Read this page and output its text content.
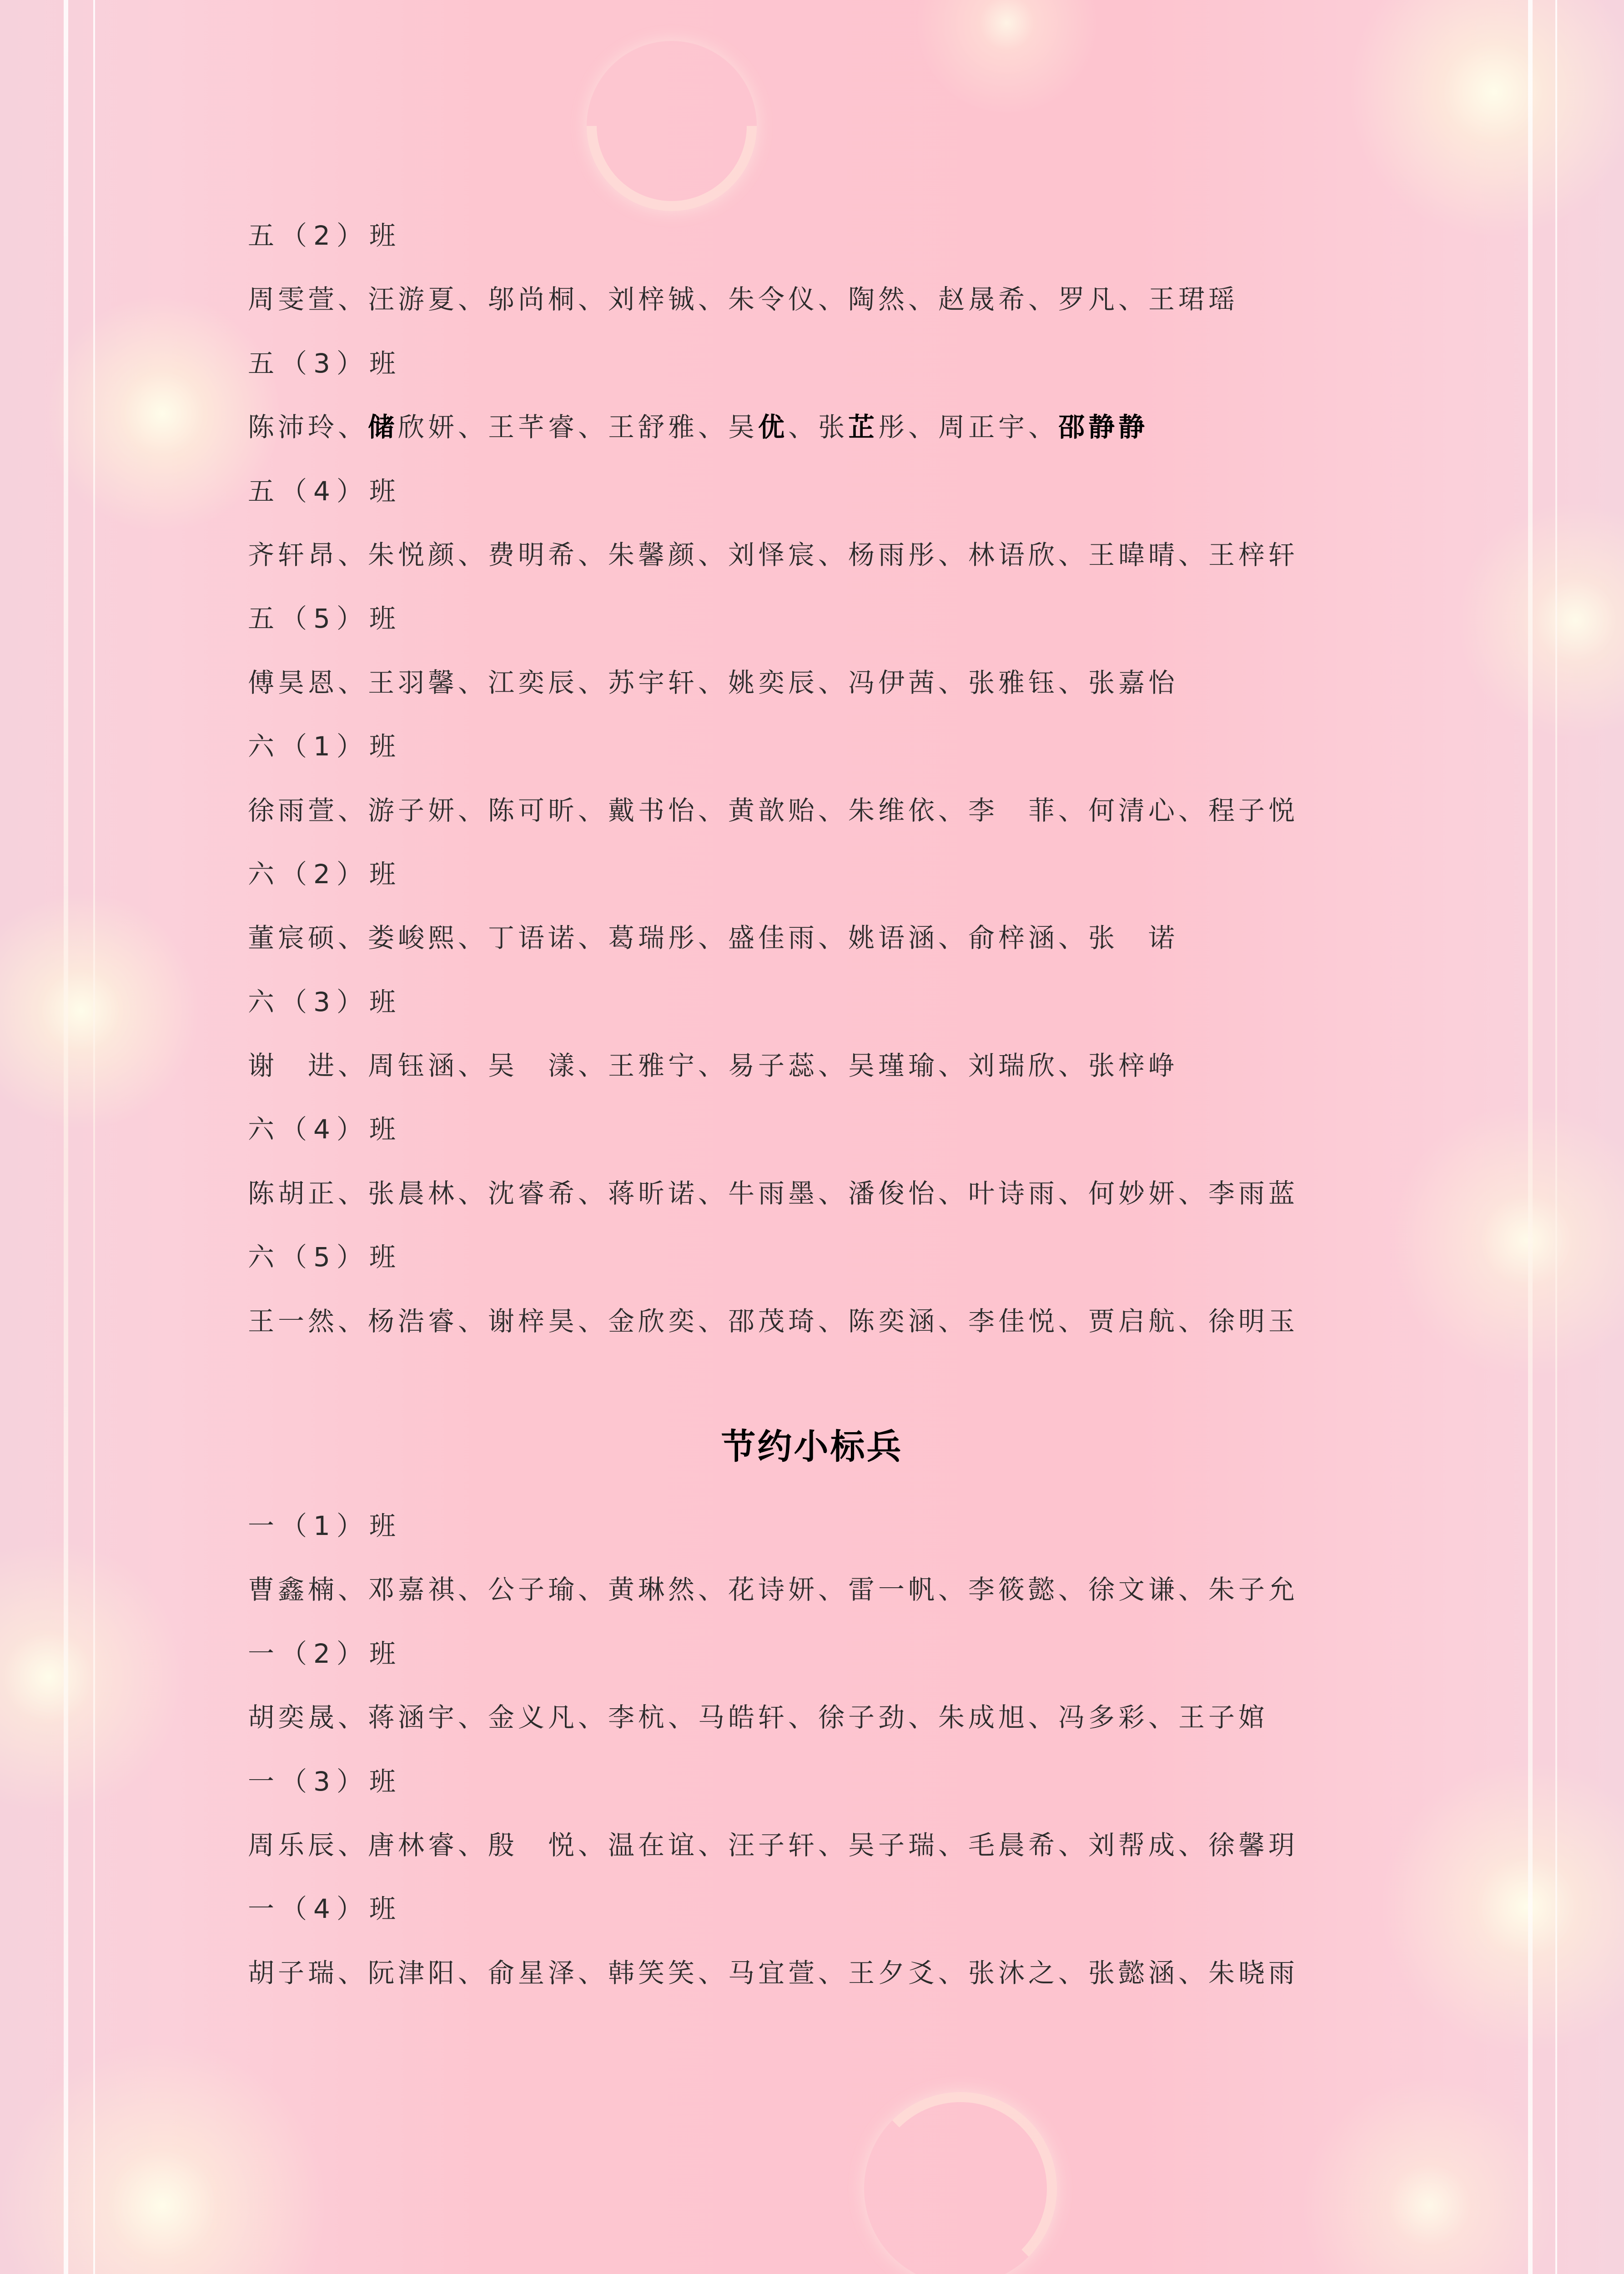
五（2）班
周雯萱、汪游夏、邬尚桐、刘梓铖、朱令仪、陶然、赵晟希、罗凡、王珺瑶
五（3）班
陈沛玲、储欣妍、王芊睿、王舒雅、吴优、张芷彤、周正宇、邵静静
五（4）班
齐轩昂、朱悦颜、费明希、朱馨颜、刘怿宸、杨雨彤、林语欣、王暐晴、王梓轩
五（5）班
傅昊恩、王羽馨、江奕辰、苏宇轩、姚奕辰、冯伊茜、张雅钰、张嘉怡
六（1）班
徐雨萱、游子妍、陈可昕、戴书怡、黄歆贻、朱维依、李　菲、何清心、程子悦
六（2）班
董宸硕、娄峻熙、丁语诺、葛瑞彤、盛佳雨、姚语涵、俞梓涵、张　诺
六（3）班
谢　进、周钰涵、吴　漾、王雅宁、易子蕊、吴瑾瑜、刘瑞欣、张梓峥
六（4）班
陈胡正、张晨林、沈睿希、蒋昕诺、牛雨墨、潘俊怡、叶诗雨、何妙妍、李雨蓝
六（5）班
王一然、杨浩睿、谢梓昊、金欣奕、邵茂琦、陈奕涵、李佳悦、贾启航、徐明玉
节约小标兵
一（1）班
曹鑫楠、邓嘉祺、公子瑜、黄琳然、花诗妍、雷一帆、李筱懿、徐文谦、朱子允
一（2）班
胡奕晟、蒋涵宇、金义凡、李杭、马皓轩、徐子劲、朱成旭、冯多彩、王子婠
一（3）班
周乐辰、唐林睿、殷　悦、温在谊、汪子轩、吴子瑞、毛晨希、刘帮成、徐馨玥
一（4）班
胡子瑞、阮津阳、俞星泽、韩笑笑、马宜萱、王夕爻、张沐之、张懿涵、朱晓雨
